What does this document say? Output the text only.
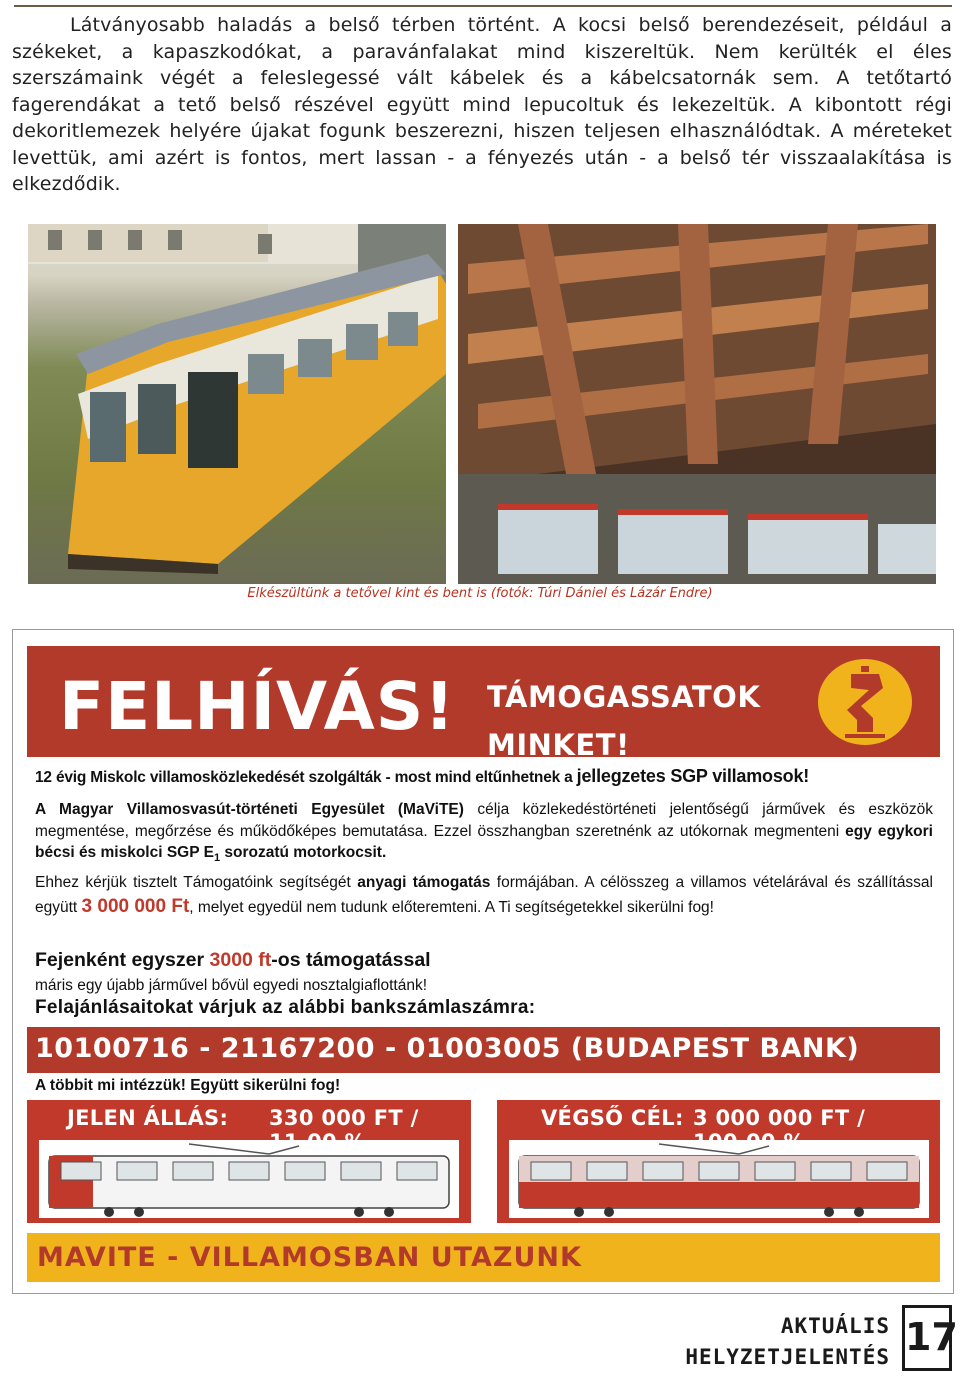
Látványosabb haladás a belső térben történt. A kocsi belső berendezéseit, például a székeket, a kapaszkodókat, a paravánfalakat mind kiszereltük. Nem kerülték el éles szerszámaink végét a feleslegessé vált kábelek és a kábelcsatornák sem. A tetőtartó fagerendákat a tető belső részével együtt mind lepucoltuk és lekezeltük. A kibontott régi dekoritlemezek helyére újakat fogunk beszerezni, hiszen teljesen elhasználódtak. A méreteket levettük, ami azért is fontos, mert lassan - a fényezés után - a belső tér visszaalakítása is elkezdődik.

Elkészültünk a tetővel kint és bent is (fotók: Túri Dániel és Lázár Endre)
FELHÍVÁS! TÁMOGASSATOK
MINKET!

12 évig Miskolc villamosközlekedését szolgálták - most mind eltűnhetnek a jellegzetes SGP villamosok!

A Magyar Villamosvasút-történeti Egyesület (MaViTE) célja közlekedéstörténeti jelentőségű járművek és eszközök megmentése, megőrzése és működőképes bemutatása. Ezzel összhangban szeretnénk az utókornak megmenteni egy egykori bécsi és miskolci SGP $E_1$ sorozatú motorkocsit.

Ehhez kérjük tisztelt Támogatóink segítségét anyagi támogatás formájában. A célösszeg a villamos vételárával és szállítással együtt 3 000 000 Ft, melyet egyedül nem tudunk előteremteni. A Ti segítségetekkel sikerülni fog!

Fejenként egyszer 3000 ft-os támogatással

máris egy újabb járművel bővül egyedi nosztalgiaflottánk!

Felajánlásaitokat várjuk az alábbi bankszámlaszámra:

10100716 - 21167200 - 01003005 (BUDAPEST BANK)

A többit mi intézzük! Együtt sikerülni fog!

JELEN ÁLLÁS: 330 000 FT /	VÉGSŐ CÉL: 3 000 000 FT /
MAVITE - VILLAMOSBAN UTAZUNK
AKTUÁLIS
HELYZETJELENTÉS 17
